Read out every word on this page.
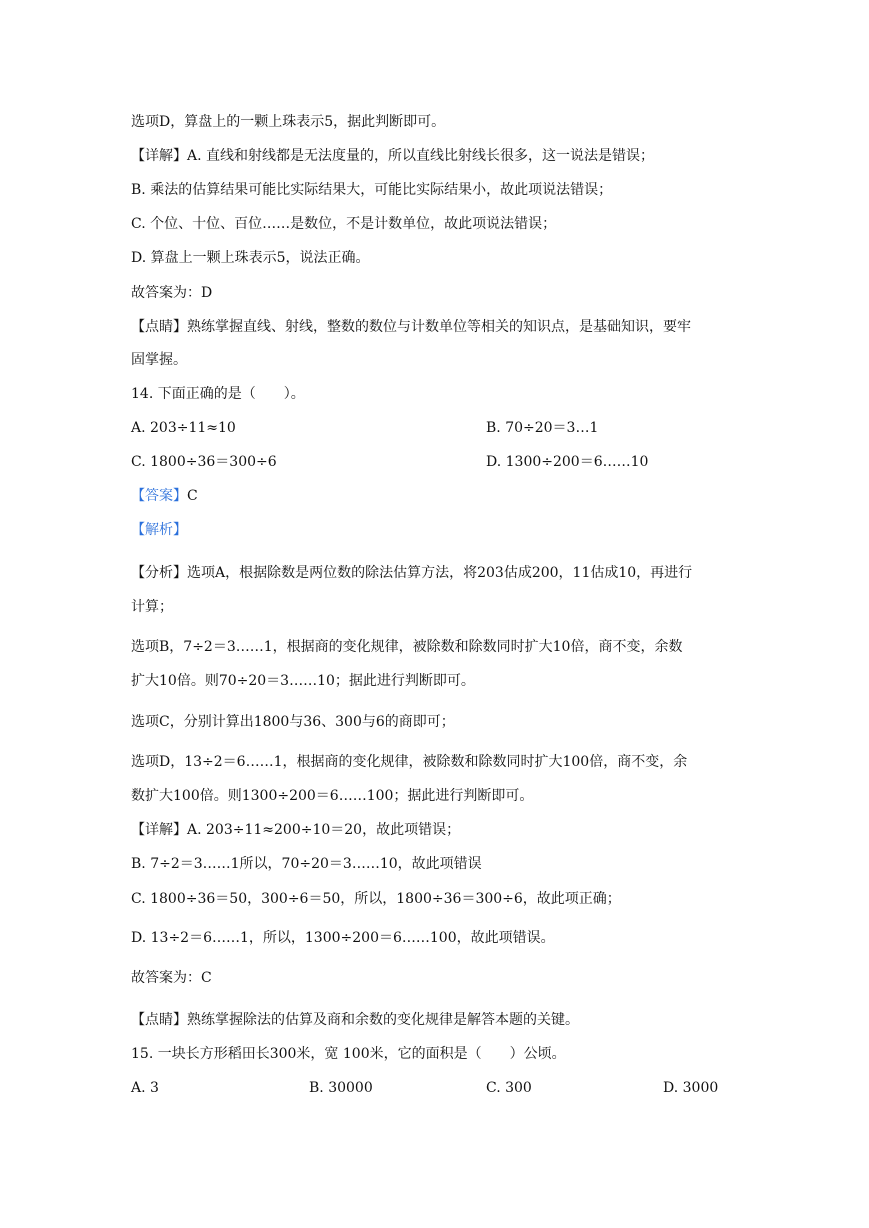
选项D，算盘上的一颗上珠表示5，据此判断即可。
【详解】A. 直线和射线都是无法度量的，所以直线比射线长很多，这一说法是错误；
B. 乘法的估算结果可能比实际结果大，可能比实际结果小，故此项说法错误；
C. 个位、十位、百位……是数位，不是计数单位，故此项说法错误；
D. 算盘上一颗上珠表示5，说法正确。
故答案为：D
【点睛】熟练掌握直线、射线，整数的数位与计数单位等相关的知识点，是基础知识，要牢
固掌握。
14. 下面正确的是（　　）。
A. 203÷11≈10	B. 70÷20＝3…1
C. 1800÷36＝300÷6	D. 1300÷200＝6……10
【答案】C
【解析】
【分析】选项A，根据除数是两位数的除法估算方法，将203估成200，11估成10，再进行
计算；
选项B，7÷2＝3……1，根据商的变化规律，被除数和除数同时扩大10倍，商不变，余数
扩大10倍。则70÷20＝3……10；据此进行判断即可。
选项C，分别计算出1800与36、300与6的商即可；
选项D，13÷2＝6……1，根据商的变化规律，被除数和除数同时扩大100倍，商不变，余
数扩大100倍。则1300÷200＝6……100；据此进行判断即可。
【详解】A. 203÷11≈200÷10＝20，故此项错误；
B. 7÷2＝3……1所以，70÷20＝3……10，故此项错误
C. 1800÷36＝50，300÷6＝50，所以，1800÷36＝300÷6，故此项正确；
D. 13÷2＝6……1，所以，1300÷200＝6……100，故此项错误。
故答案为：C
【点睛】熟练掌握除法的估算及商和余数的变化规律是解答本题的关键。
15. 一块长方形稻田长300米，宽 100米，它的面积是（　　）公顷。
A. 3	B. 30000	C. 300	D. 3000
